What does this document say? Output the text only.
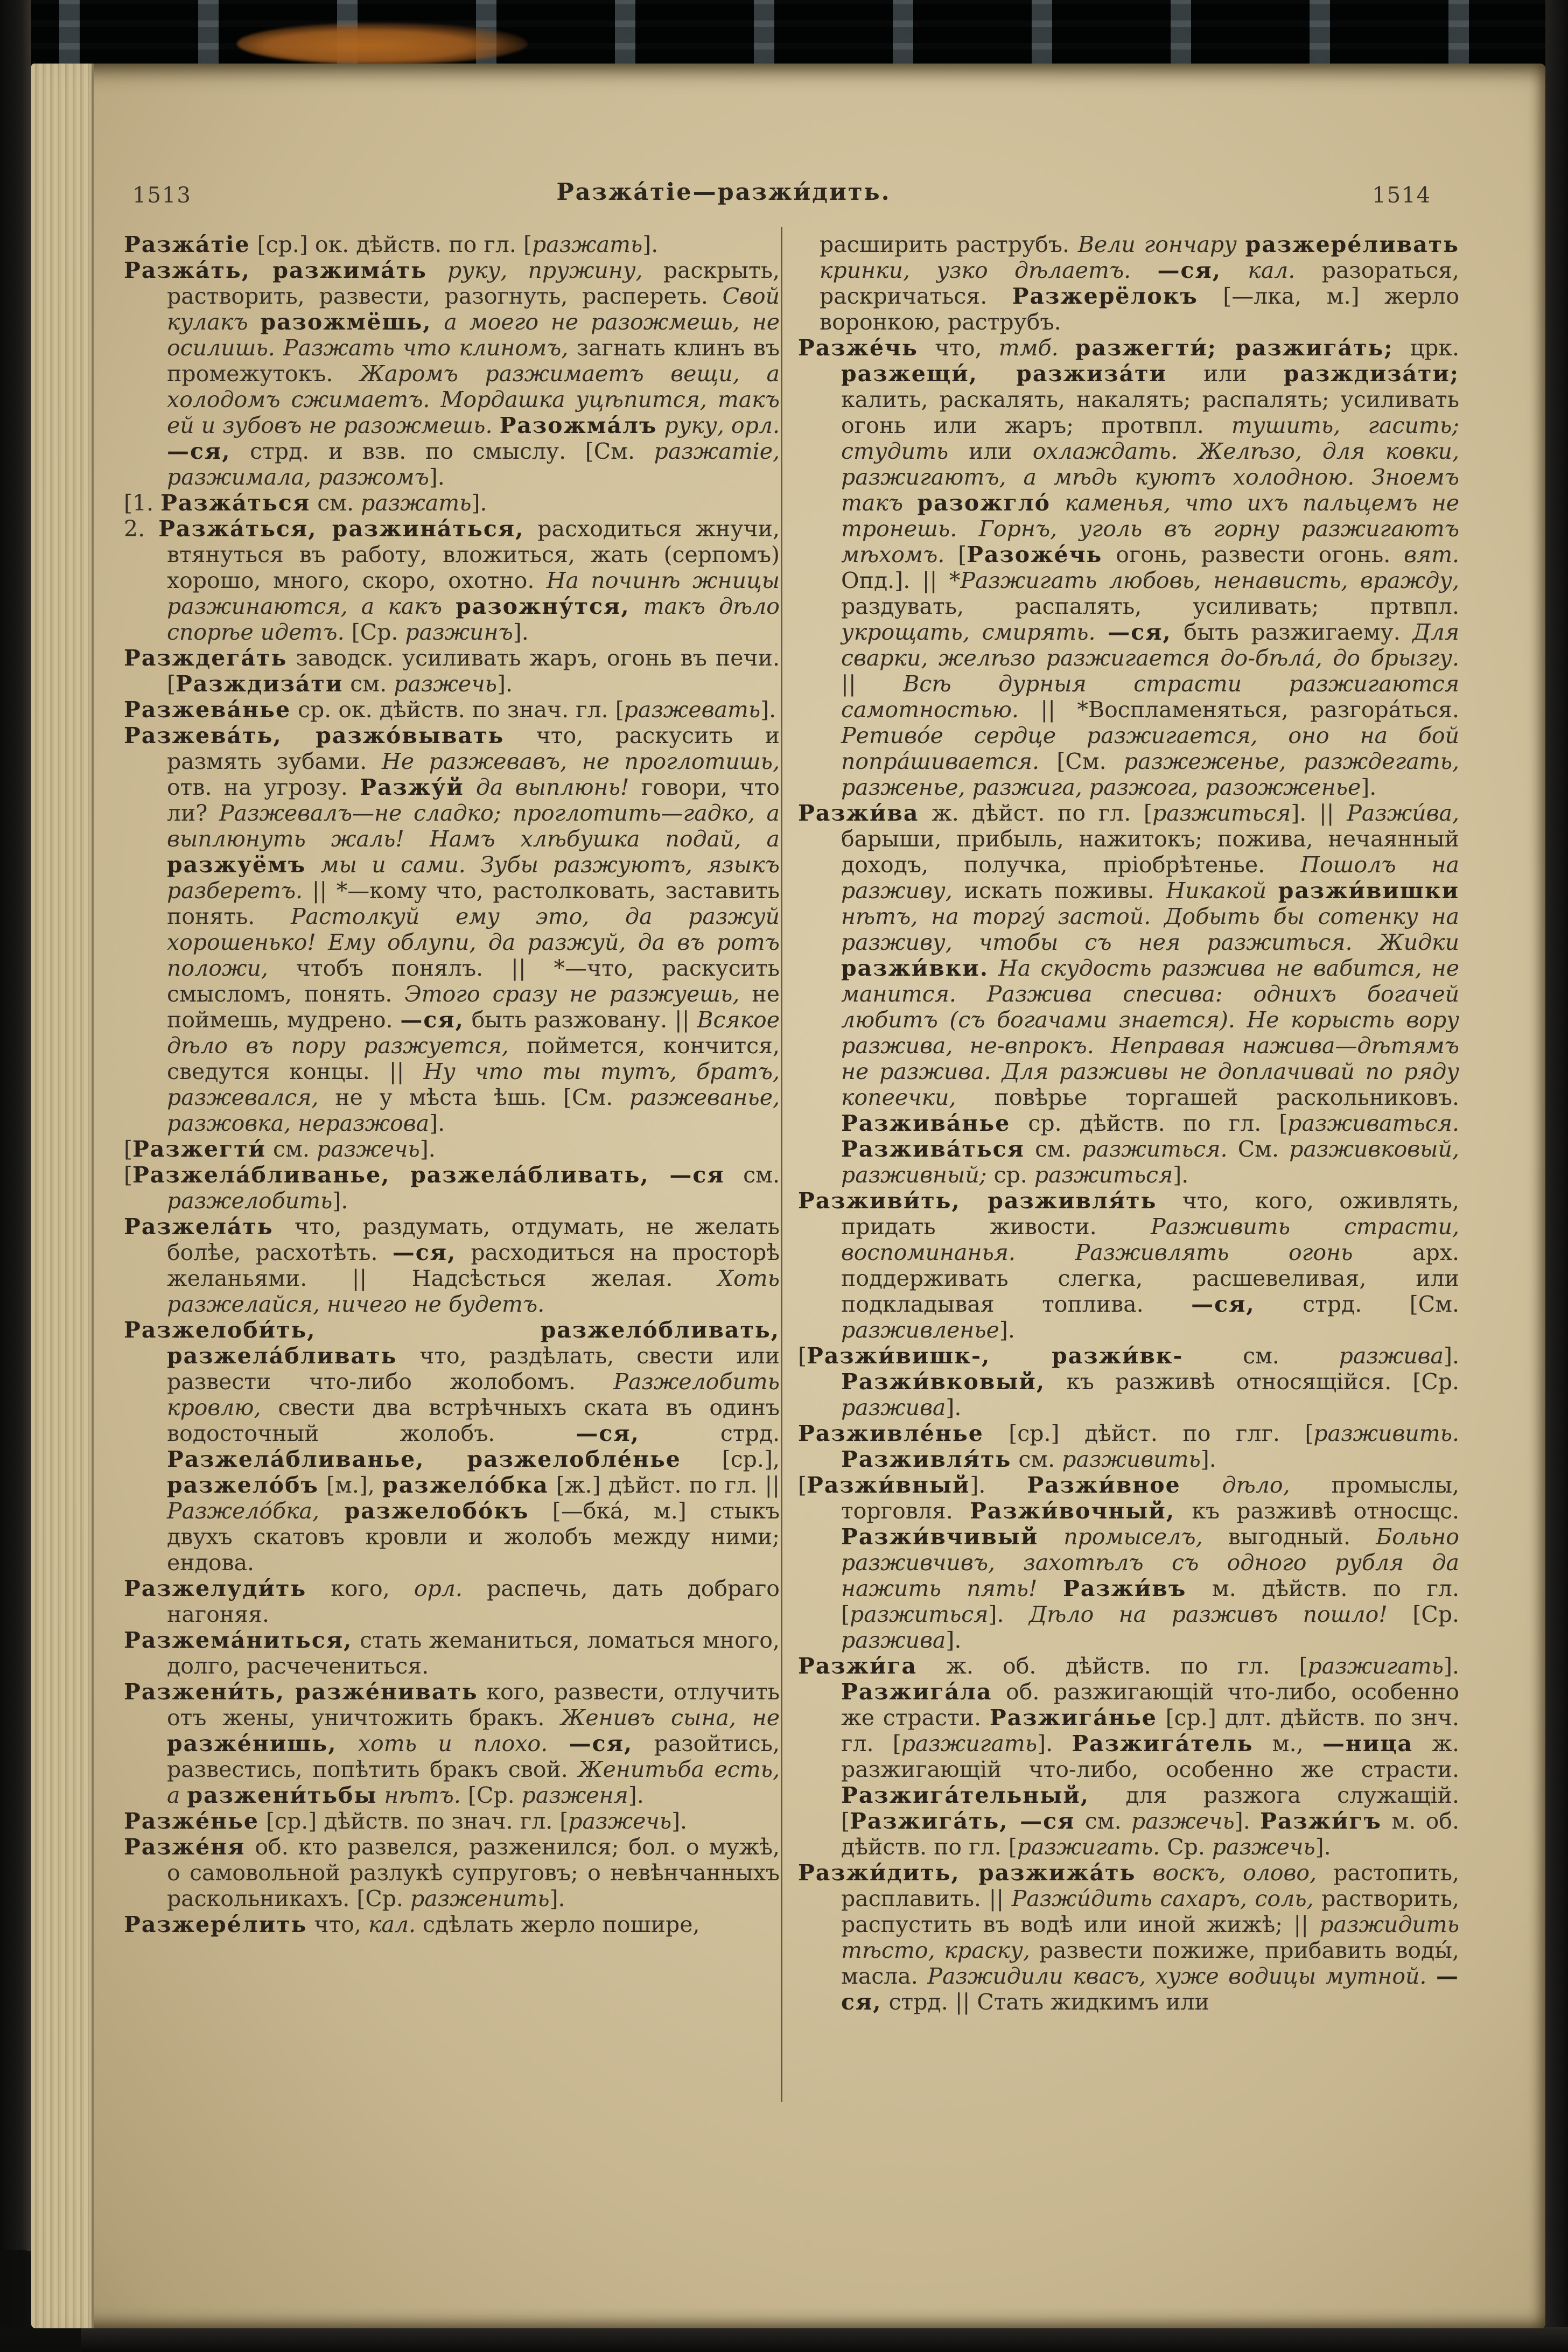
1513	Разжа́тіе—разжи́дить.	1514

Разжа́тіе [ср.] ок. дѣйств. по гл. [разжать].

Разжа́ть, разжима́ть руку, пружину, раскрыть, растворить, развести, разогнуть, распереть. Свой кулакъ разожмёшь, а моего не разожмешь, не осилишь. Разжать что клиномъ, загнать клинъ въ промежутокъ. Жаромъ разжимаетъ вещи, а холодомъ сжимаетъ. Мордашка уцѣпится, такъ ей и зубовъ не разожмешь. Разожма́лъ руку, орл. —ся, стрд. и взв. по смыслу. [См. разжатіе, разжимала, разжомъ].

[1. Разжа́ться см. разжать].

2. Разжа́ться, разжина́ться, расходиться жнучи, втянуться въ работу, вложиться, жать (серпомъ) хорошо, много, скоро, охотно. На починѣ жницы разжинаются, а какъ разожну́тся, такъ дѣло спорѣе идетъ. [Ср. разжинъ].

Разждега́ть заводск. усиливать жаръ, огонь въ печи. [Разждиза́ти см. разжечь].

Разжева́нье ср. ок. дѣйств. по знач. гл. [разжевать].

Разжева́ть, разжо́вывать что, раскусить и размять зубами. Не разжевавъ, не проглотишь, отв. на угрозу. Разжу́й да выплюнь! говори, что ли? Разжевалъ—не сладко; проглотить—гадко, а выплюнуть жаль! Намъ хлѣбушка подай, а разжуёмъ мы и сами. Зубы разжуютъ, языкъ разберетъ. || *—кому что, растолковать, заставить понять. Растолкуй ему это, да разжуй хорошенько! Ему облупи, да разжуй, да въ ротъ положи, чтобъ понялъ. || *—что, раскусить смысломъ, понять. Этого сразу не разжуешь, не поймешь, мудрено. —ся, быть разжовану. || Всякое дѣло въ пору разжуется, поймется, кончится, сведутся концы. || Ну что ты тутъ, братъ, разжевался, не у мѣста ѣшь. [См. разжеванье, разжовка, неразжова].

[Разжегти́ см. разжечь].

[Разжела́бливанье, разжела́бливать, —ся см. разжелобить].

Разжела́ть что, раздумать, отдумать, не желать болѣе, расхотѣть. —ся, расходиться на просторѣ желаньями. || Надсѣсться желая. Хоть разжелайся, ничего не будетъ.

Разжелоби́ть, разжело́бливать, разжела́бливать что, раздѣлать, свести или развести что-либо жолобомъ. Разжелобить кровлю, свести два встрѣчныхъ ската въ одинъ водосточный жолобъ. —ся, стрд. Разжела́бливанье, разжелобле́нье [ср.], разжело́бъ [м.], разжело́бка [ж.] дѣйст. по гл. || Разжело́бка, разжелобо́къ [—бка́, м.] стыкъ двухъ скатовъ кровли и жолобъ между ними; ендова.

Разжелуди́ть кого, орл. распечь, дать добраго нагоняя.

Разжема́ниться, стать жеманиться, ломаться много, долго, расчечениться.

Разжени́ть, разже́нивать кого, развести, отлучить отъ жены, уничтожить бракъ. Женивъ сына, не разже́нишь, хоть и плохо. —ся, разойтись, развестись, попѣтить бракъ свой. Женитьба есть, а разжени́тьбы нѣтъ. [Ср. разженя].

Разже́нье [ср.] дѣйств. по знач. гл. [разжечь].

Разже́ня об. кто развелся, разженился; бол. о мужѣ, о самовольной разлукѣ супруговъ; о невѣнчанныхъ раскольникахъ. [Ср. разженить].

Разжере́лить что, кал. сдѣлать жерло пошире,

расширить раструбъ. Вели гончару разжере́ливать кринки, узко дѣлаетъ. —ся, кал. разораться, раскричаться. Разжерёлокъ [—лка, м.] жерло воронкою, раструбъ.

Разже́чь что, тмб. разжегти́; разжига́ть; црк. разжещи́, разжиза́ти или разждиза́ти; калить, раскалять, накалять; распалять; усиливать огонь или жаръ; протвпл. тушить, гасить; студить или охлаждать. Желѣзо, для ковки, разжигаютъ, а мѣдь куютъ холодною. Зноемъ такъ разожгло́ каменья, что ихъ пальцемъ не тронешь. Горнъ, уголь въ горну разжигаютъ мѣхомъ. [Разоже́чь огонь, развести огонь. вят. Опд.]. || *Разжигать любовь, ненависть, вражду, раздувать, распалять, усиливать; пртвпл. укрощать, смирять. —ся, быть разжигаему. Для сварки, желѣзо разжигается до-бѣла́, до брызгу. || Всѣ дурныя страсти разжигаются самотностью. || *Воспламеняться, разгора́ться. Ретиво́е сердце разжигается, оно на бой попра́шивается. [См. разжеженье, разждегать, разженье, разжига, разжога, разожженье].

Разжи́ва ж. дѣйст. по гл. [разжиться]. || Разжи́ва, барыши, прибыль, нажитокъ; пожива, нечаянный доходъ, получка, пріобрѣтенье. Пошолъ на разживу, искать поживы. Никакой разжи́вишки нѣтъ, на торгу́ застой. Добыть бы сотенку на разживу, чтобы съ нея разжиться. Жидки разжи́вки. На скудость разжива не вабится, не манится. Разжива спесива: однихъ богачей любитъ (съ богачами знается). Не корысть вору разжива, не-впрокъ. Неправая нажива—дѣтямъ не разжива. Для разживы не доплачивай по ряду копеечки, повѣрье торгашей раскольниковъ. Разжива́нье ср. дѣйств. по гл. [разживаться. Разжива́ться см. разжиться. См. разживковый, разживный; ср. разжиться].

Разживи́ть, разживля́ть что, кого, оживлять, придать живости. Разживить страсти, воспоминанья. Разживлять огонь арх. поддерживать слегка, расшевеливая, или подкладывая топлива. —ся, стрд. [См. разживленье].

[Разжи́вишк-, разжи́вк- см. разжива]. Разжи́вковый, къ разживѣ относящійся. [Ср. разжива].

Разживле́нье [ср.] дѣйст. по глг. [разживить. Разживля́ть см. разживить].

[Разжи́вный]. Разжи́вное дѣло, промыслы, торговля. Разжи́вочный, къ разживѣ относщс. Разжи́вчивый промыселъ, выгодный. Больно разживчивъ, захотѣлъ съ одного рубля да нажить пять! Разжи́въ м. дѣйств. по гл. [разжиться]. Дѣло на разживъ пошло! [Ср. разжива].

Разжи́га ж. об. дѣйств. по гл. [разжигать]. Разжига́ла об. разжигающій что-либо, особенно же страсти. Разжига́нье [ср.] длт. дѣйств. по знч. гл. [разжигать]. Разжига́тель м., —ница ж. разжигающій что-либо, особенно же страсти. Разжига́тельный, для разжога служащій. [Разжига́ть, —ся см. разжечь]. Разжи́гъ м. об. дѣйств. по гл. [разжигать. Ср. разжечь].

Разжи́дить, разжижа́ть воскъ, олово, растопить, расплавить. || Разжи́дить сахаръ, соль, растворить, распустить въ водѣ или иной жижѣ; || разжидить тѣсто, краску, развести пожиже, прибавить воды́, масла. Разжидили квасъ, хуже водицы мутной. —ся, стрд. || Стать жидкимъ или
